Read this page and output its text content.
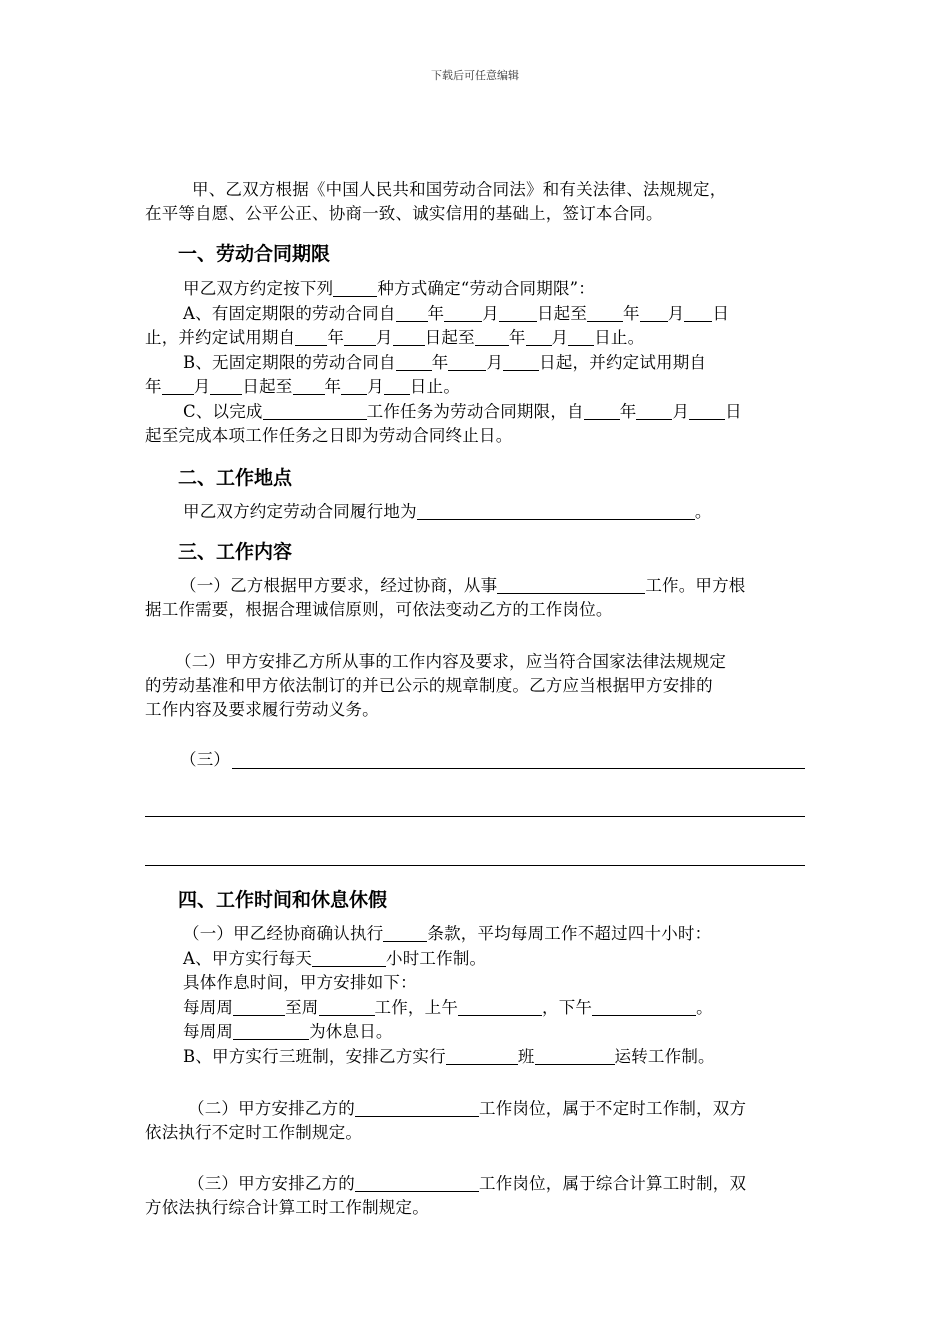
下载后可任意编辑
甲、乙双方根据《中国人民共和国劳动合同法》和有关法律、法规规定，
在平等自愿、公平公正、协商一致、诚实信用的基础上，签订本合同。
一、劳动合同期限
甲乙双方约定按下列	种方式确定“劳动合同期限”：
A、有固定期限的劳动合同自 年 月 日起至 年 月 日
止，并约定试用期自 年 月 日起至 年 月 日止。
B、无固定期限的劳动合同自 年 月 日起，并约定试用期自
年 月 日起至 年 月 日止。
C、以完成	工作任务为劳动合同期限，自 年 月 日
起至完成本项工作任务之日即为劳动合同终止日。
二、工作地点
甲乙双方约定劳动合同履行地为	。
三、工作内容
（一）乙方根据甲方要求，经过协商，从事	工作。甲方根
据工作需要，根据合理诚信原则，可依法变动乙方的工作岗位。
（二）甲方安排乙方所从事的工作内容及要求，应当符合国家法律法规规定
的劳动基准和甲方依法制订的并已公示的规章制度。乙方应当根据甲方安排的
工作内容及要求履行劳动义务。
（三）
四、工作时间和休息休假
（一）甲乙经协商确认执行	条款，平均每周工作不超过四十小时：
A、甲方实行每天	小时工作制。
具体作息时间，甲方安排如下：
每周周	至周	工作，上午	，下午	。
每周周	为休息日。
B、甲方实行三班制，安排乙方实行	班	运转工作制。
（二）甲方安排乙方的	工作岗位，属于不定时工作制，双方
依法执行不定时工作制规定。
（三）甲方安排乙方的	工作岗位，属于综合计算工时制，双
方依法执行综合计算工时工作制规定。
